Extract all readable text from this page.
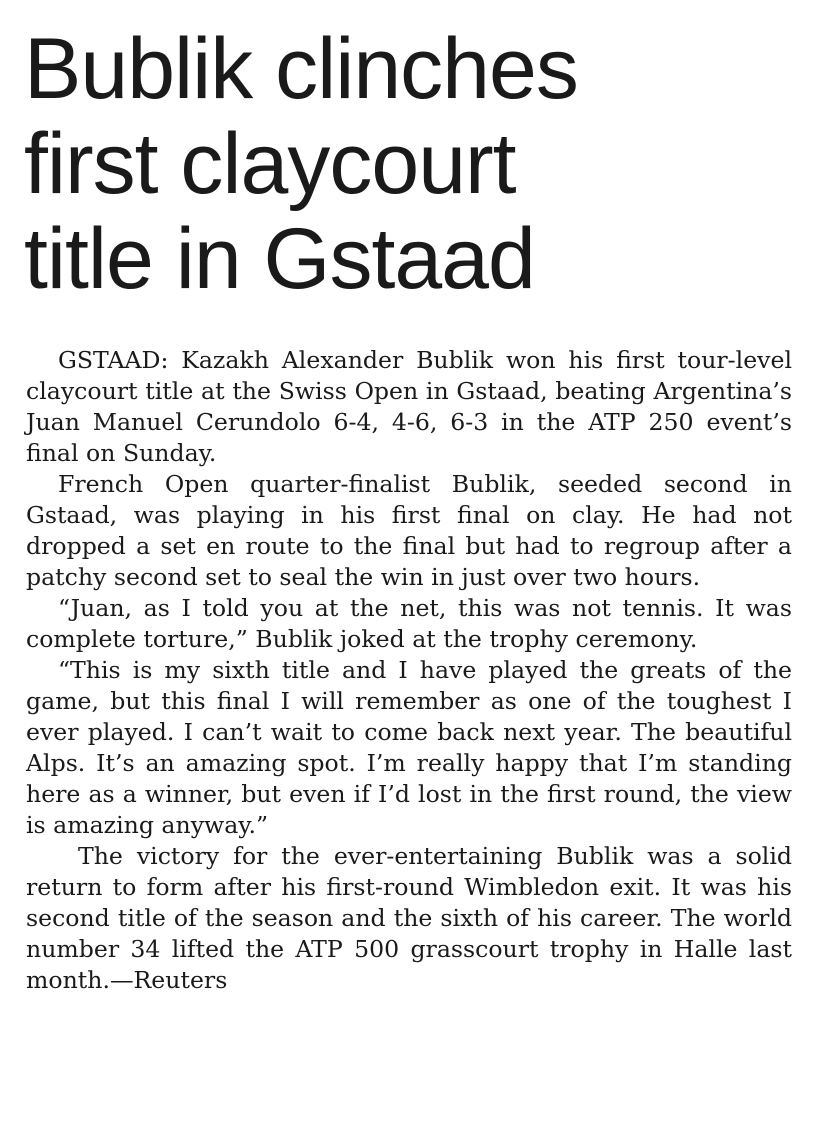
Bublik clinches
first claycourt
title in Gstaad

GSTAAD: Kazakh Alexander Bublik won his first tour-level claycourt title at the Swiss Open in Gstaad, beating Argentina’s Juan Manuel Cerundolo 6-4, 4-6, 6-3 in the ATP 250 event’s final on Sunday.

French Open quarter-finalist Bublik, seeded second in Gstaad, was playing in his first final on clay. He had not dropped a set en route to the final but had to regroup after a patchy second set to seal the win in just over two hours.

“Juan, as I told you at the net, this was not tennis. It was complete torture,” Bublik joked at the trophy ceremony.

“This is my sixth title and I have played the greats of the game, but this final I will remember as one of the toughest I ever played. I can’t wait to come back next year. The beautiful Alps. It’s an amazing spot. I’m really happy that I’m standing here as a winner, but even if I’d lost in the first round, the view is amazing anyway.”

The victory for the ever-entertaining Bublik was a solid return to form after his first-round Wimbledon exit. It was his second title of the season and the sixth of his career. The world number 34 lifted the ATP 500 grasscourt trophy in Halle last month.—Reuters
